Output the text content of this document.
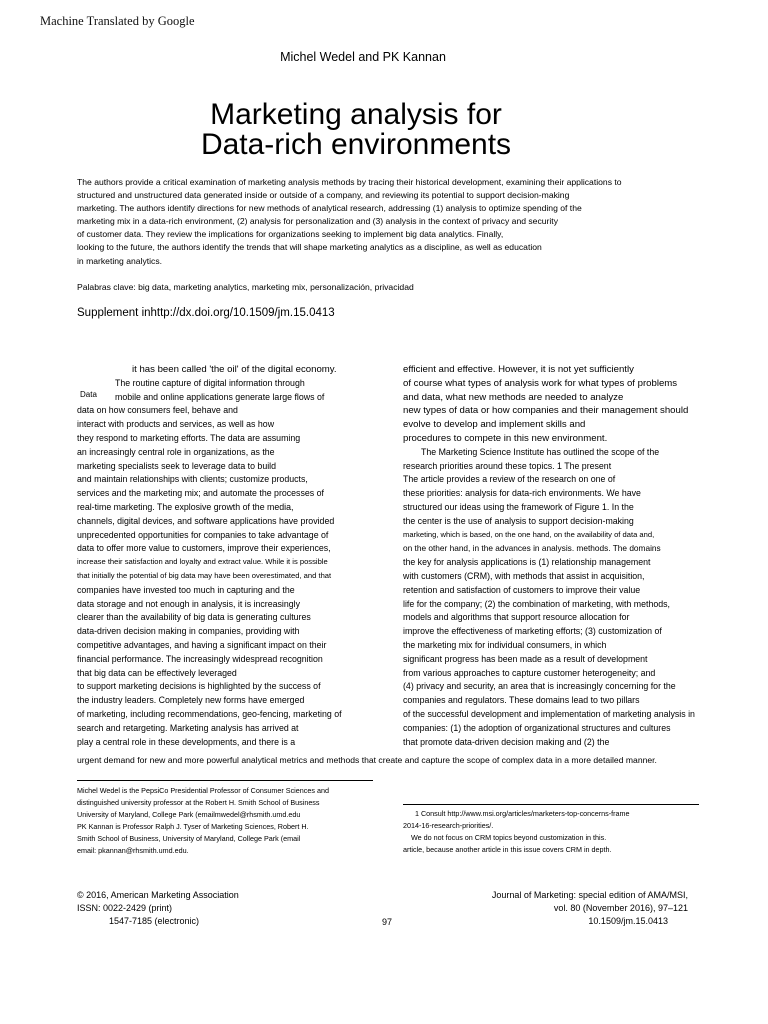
Machine Translated by Google
Michel Wedel and PK Kannan
Marketing analysis for
Data-rich environments
The authors provide a critical examination of marketing analysis methods by tracing their historical development, examining their applications to
structured and unstructured data generated inside or outside of a company, and reviewing its potential to support decision-making
marketing. The authors identify directions for new methods of analytical research, addressing (1) analysis to optimize spending of the
marketing mix in a data-rich environment, (2) analysis for personalization and (3) analysis in the context of privacy and security
of customer data. They review the implications for organizations seeking to implement big data analytics. Finally,
looking to the future, the authors identify the trends that will shape marketing analytics as a discipline, as well as education
in marketing analytics.
Palabras clave: big data, marketing analytics, marketing mix, personalización, privacidad
Supplement inhttp://dx.doi.org/10.1509/jm.15.0413
Data
it has been called 'the oil' of the digital economy.
The routine capture of digital information through
mobile and online applications generate large flows of
data on how consumers feel, behave and
interact with products and services, as well as how
they respond to marketing efforts. The data are assuming
an increasingly central role in organizations, as the
marketing specialists seek to leverage data to build
and maintain relationships with clients; customize products,
services and the marketing mix; and automate the processes of
real-time marketing. The explosive growth of the media,
channels, digital devices, and software applications have provided
unprecedented opportunities for companies to take advantage of
data to offer more value to customers, improve their experiences,
increase their satisfaction and loyalty and extract value. While it is possible
that initially the potential of big data may have been overestimated, and that
companies have invested too much in capturing and the
data storage and not enough in analysis, it is increasingly
clearer than the availability of big data is generating cultures
data-driven decision making in companies, providing with
competitive advantages, and having a significant impact on their
financial performance. The increasingly widespread recognition
that big data can be effectively leveraged
to support marketing decisions is highlighted by the success of
the industry leaders. Completely new forms have emerged
of marketing, including recommendations, geo-fencing, marketing of
search and retargeting. Marketing analysis has arrived at
play a central role in these developments, and there is a
efficient and effective. However, it is not yet sufficiently
of course what types of analysis work for what types of problems
and data, what new methods are needed to analyze
new types of data or how companies and their management should
evolve to develop and implement skills and
procedures to compete in this new environment.
The Marketing Science Institute has outlined the scope of the
research priorities around these topics. 1 The present
The article provides a review of the research on one of
these priorities: analysis for data-rich environments. We have
structured our ideas using the framework of Figure 1. In the
the center is the use of analysis to support decision-making
marketing, which is based, on the one hand, on the availability of data and,
on the other hand, in the advances in analysis. methods. The domains
the key for analysis applications is (1) relationship management
with customers (CRM), with methods that assist in acquisition,
retention and satisfaction of customers to improve their value
life for the company; (2) the combination of marketing, with methods,
models and algorithms that support resource allocation for
improve the effectiveness of marketing efforts; (3) customization of
the marketing mix for individual consumers, in which
significant progress has been made as a result of development
from various approaches to capture customer heterogeneity; and
(4) privacy and security, an area that is increasingly concerning for the
companies and regulators. These domains lead to two pillars
of the successful development and implementation of marketing analysis in
companies: (1) the adoption of organizational structures and cultures
that promote data-driven decision making and (2) the
urgent demand for new and more powerful analytical metrics and methods that create and capture the scope of complex data in a more detailed manner.
Michel Wedel is the PepsiCo Presidential Professor of Consumer Sciences and
distinguished university professor at the Robert H. Smith School of Business
University of Maryland, College Park (emailmwedel@rhsmith.umd.edu
PK Kannan is Professor Ralph J. Tyser of Marketing Sciences, Robert H.
Smith School of Business, University of Maryland, College Park (email
email: pkannan@rhsmith.umd.edu.
1 Consult http://www.msi.org/articles/marketers-top-concerns-frame
2014-16-research-priorities/.
We do not focus on CRM topics beyond customization in this.
article, because another article in this issue covers CRM in depth.
© 2016, American Marketing Association
ISSN: 0022-2429 (print)
1547-7185 (electronic)	97
Journal of Marketing: special edition of AMA/MSI,
vol. 80 (November 2016), 97–121
10.1509/jm.15.0413
